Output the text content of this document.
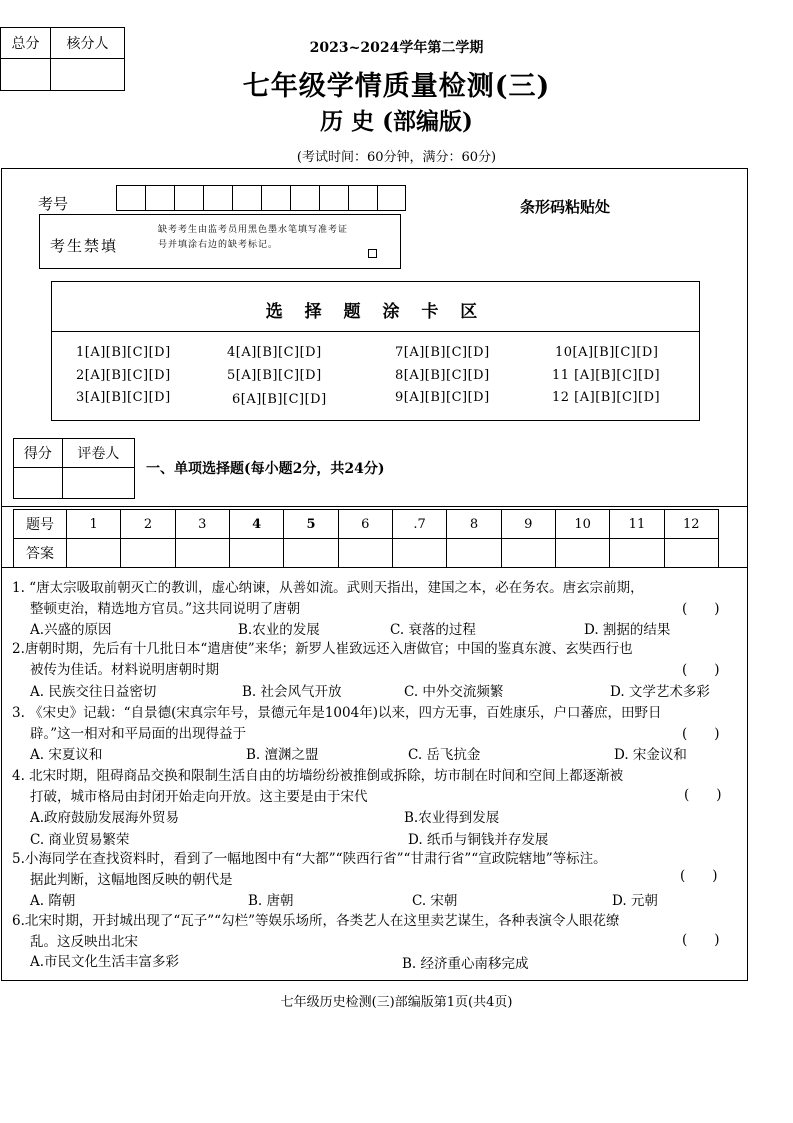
总分	核分人
		2023~2024学年第二学期
七年级学情质量检测(三)
历 史 (部编版)
(考试时间：60分钟，满分：60分)
考号	条形码粘贴处
考生禁填
缺考考生由监考员用黑色墨水笔填写准考证号并填涂右边的缺考标记。
选 择 题 涂 卡 区
1[A][B][C][D]	4[A][B][C][D]	7[A][B][C][D]	10[A][B][C][D]
2[A][B][C][D]	5[A][B][C][D]	8[A][B][C][D]	11 [A][B][C][D]
3[A][B][C][D]	6[A][B][C][D]	9[A][B][C][D]	12 [A][B][C][D]
得分	评卷人

一、单项选择题(每小题2分，共24分)
题号	1	2	3	4	5	6	.7	8	9	10	11	12
答案												
1. “唐太宗吸取前朝灭亡的教训，虚心纳谏，从善如流。武则天指出，建国之本，必在务农。唐玄宗前期，
整顿吏治，精选地方官员。”这共同说明了唐朝	(　　)
A.兴盛的原因	B.农业的发展	C. 衰落的过程	D. 割据的结果
2.唐朝时期，先后有十几批日本“遣唐使”来华；新罗人崔致远还入唐做官；中国的鉴真东渡、玄奘西行也
被传为佳话。材料说明唐朝时期	(　　)
A. 民族交往日益密切	B. 社会风气开放	C. 中外交流频繁	D. 文学艺术多彩
3. 《宋史》记载：“自景德(宋真宗年号，景德元年是1004年)以来，四方无事，百姓康乐，户口蕃庶，田野日
辟。”这一相对和平局面的出现得益于	(　　)
A. 宋夏议和	B. 澶渊之盟	C. 岳飞抗金	D. 宋金议和
4. 北宋时期，阻碍商品交换和限制生活自由的坊墙纷纷被推倒或拆除，坊市制在时间和空间上都逐渐被
打破，城市格局由封闭开始走向开放。这主要是由于宋代	(　　)
A.政府鼓励发展海外贸易	B.农业得到发展
C. 商业贸易繁荣	D. 纸币与铜钱并存发展
5.小海同学在查找资料时，看到了一幅地图中有“大都”“陕西行省”“甘肃行省”“宣政院辖地”等标注。
据此判断，这幅地图反映的朝代是	(　　)
A. 隋朝	B. 唐朝	C. 宋朝	D. 元朝
6.北宋时期，开封城出现了“瓦子”“勾栏”等娱乐场所，各类艺人在这里卖艺谋生，各种表演令人眼花缭
乱。这反映出北宋	(　　)
A.市民文化生活丰富多彩	B. 经济重心南移完成
七年级历史检测(三)部编版第1页(共4页)
